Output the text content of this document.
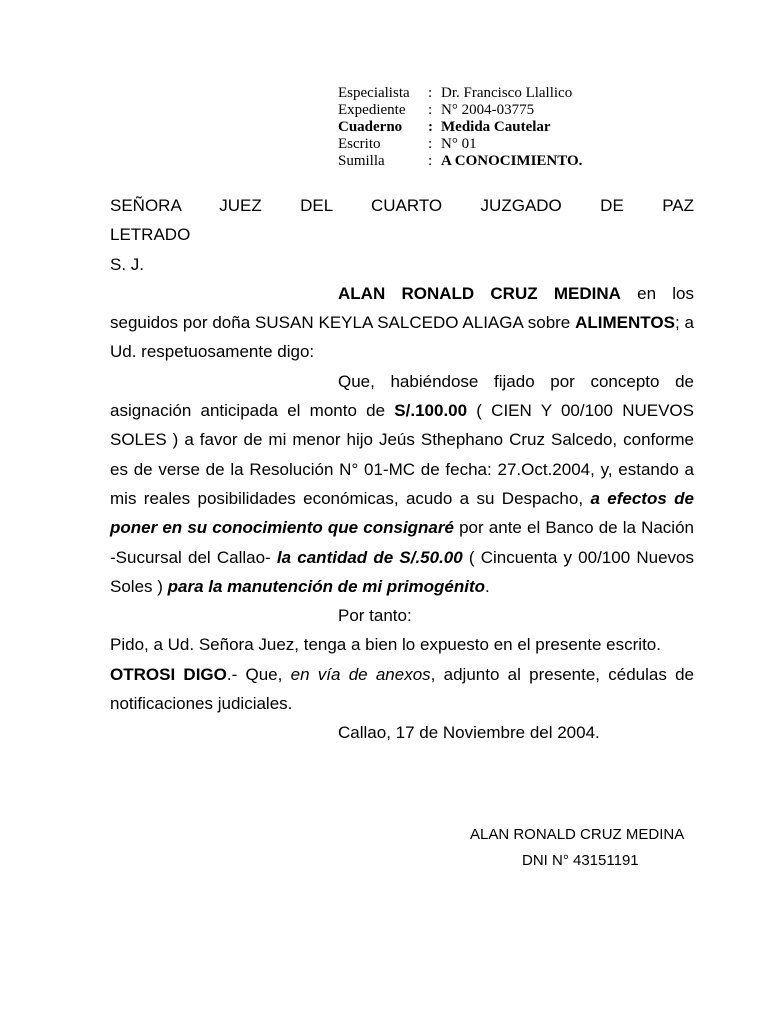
Especialista	: Dr. Francisco Llallico
Expediente	: N° 2004-03775
Cuaderno	: Medida Cautelar
Escrito	: N° 01
Sumilla	: A CONOCIMIENTO.

SEÑORA JUEZ DEL CUARTO JUZGADO DE PAZ

LETRADO

S. J.

ALAN RONALD CRUZ MEDINA en los seguidos por doña SUSAN KEYLA SALCEDO ALIAGA sobre ALIMENTOS; a Ud. respetuosamente digo:

Que, habiéndose fijado por concepto de asignación anticipada el monto de S/.100.00 ( CIEN Y 00/100 NUEVOS SOLES ) a favor de mi menor hijo Jeús Sthephano Cruz Salcedo, conforme es de verse de la Resolución N° 01-MC de fecha: 27.Oct.2004, y, estando a mis reales posibilidades económicas, acudo a su Despacho, a efectos de poner en su conocimiento que consignaré por ante el Banco de la Nación -Sucursal del Callao- la cantidad de S/.50.00 ( Cincuenta y 00/100 Nuevos Soles ) para la manutención de mi primogénito.

Por tanto:

Pido, a Ud. Señora Juez, tenga a bien lo expuesto en el presente escrito.

OTROSI DIGO.- Que, en vía de anexos, adjunto al presente, cédulas de notificaciones judiciales.

Callao, 17 de Noviembre del 2004.

ALAN RONALD CRUZ MEDINA
DNI N° 43151191
